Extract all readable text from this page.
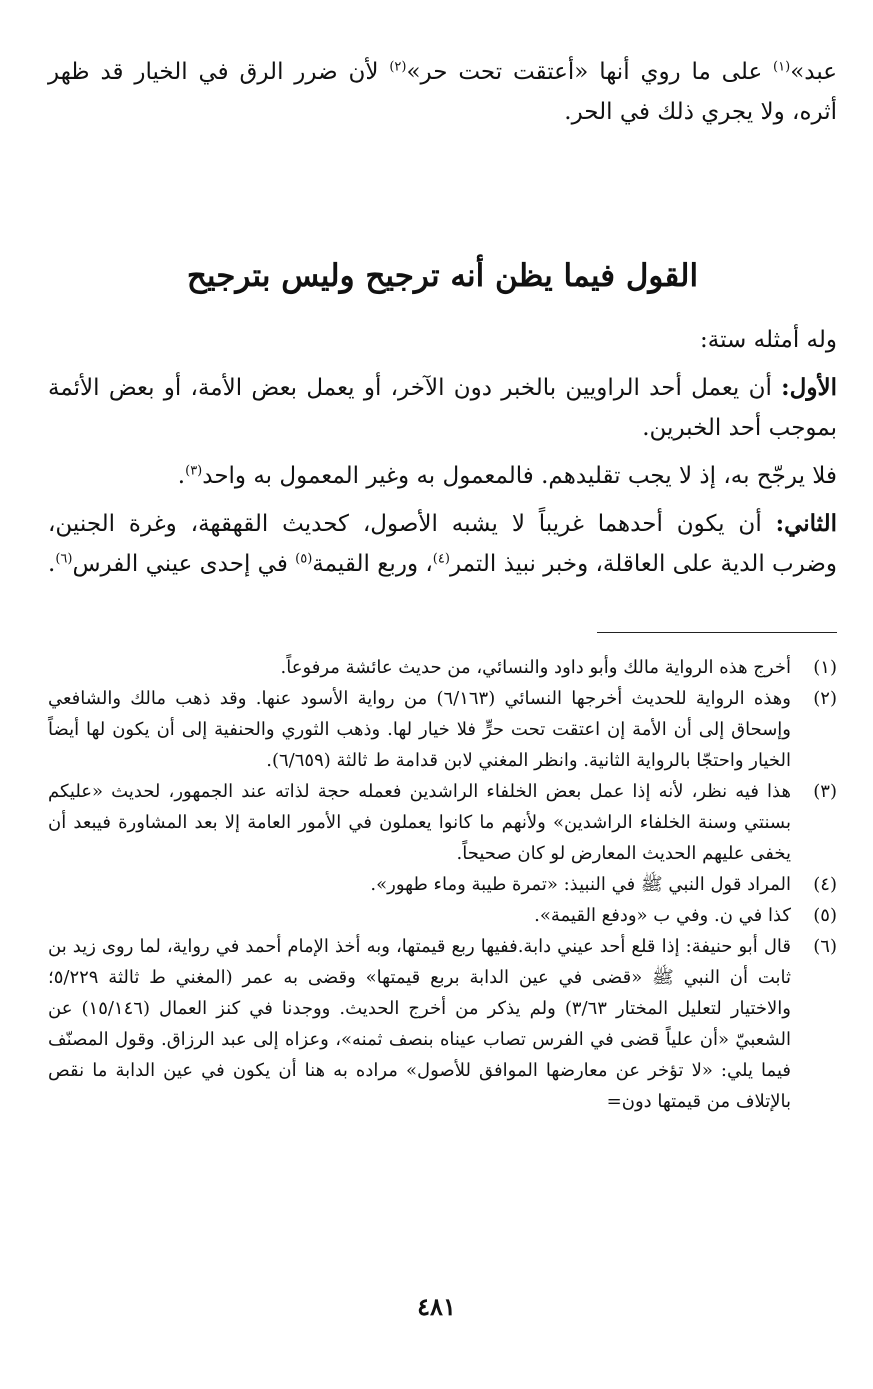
عبد»$^{(١)}$ على ما روي أنها «أعتقت تحت حر»$^{(٢)}$ لأن ضرر الرق في الخيار قد ظهر أثره، ولا يجري ذلك في الحر.

القول فيما يظن أنه ترجيح وليس بترجيح

وله أمثله ستة:

الأول: أن يعمل أحد الراويين بالخبر دون الآخر، أو يعمل بعض الأمة، أو بعض الأئمة بموجب أحد الخبرين.

فلا يرجّح به، إذ لا يجب تقليدهم. فالمعمول به وغير المعمول به واحد$^{(٣)}$.

الثاني: أن يكون أحدهما غريباً لا يشبه الأصول، كحديث القهقهة، وغرة الجنين، وضرب الدية على العاقلة، وخبر نبيذ التمر$^{(٤)}$، وربع القيمة$^{(٥)}$ في إحدى عيني الفرس$^{(٦)}$.

(١)
أخرج هذه الرواية مالك وأبو داود والنسائي، من حديث عائشة مرفوعاً.
(٢)
وهذه الرواية للحديث أخرجها النسائي (٦/١٦٣) من رواية الأسود عنها. وقد ذهب مالك والشافعي وإسحاق إلى أن الأمة إن اعتقت تحت حرٍّ فلا خيار لها. وذهب الثوري والحنفية إلى أن يكون لها أيضاً الخيار واحتجّا بالرواية الثانية. وانظر المغني لابن قدامة ط ثالثة (٦/٦٥٩).
(٣)
هذا فيه نظر، لأنه إذا عمل بعض الخلفاء الراشدين فعمله حجة لذاته عند الجمهور، لحديث «عليكم بسنتي وسنة الخلفاء الراشدين» ولأنهم ما كانوا يعملون في الأمور العامة إلا بعد المشاورة فيبعد أن يخفى عليهم الحديث المعارض لو كان صحيحاً.
(٤)
المراد قول النبي ﷺ في النبيذ: «تمرة طيبة وماء طهور».
(٥)
كذا في ن. وفي ب «ودفع القيمة».
(٦)
قال أبو حنيفة: إذا قلع أحد عيني دابة.ففيها ربع قيمتها، وبه أخذ الإمام أحمد في رواية، لما روى زيد بن ثابت أن النبي ﷺ «قضى في عين الدابة بربع قيمتها» وقضى به عمر (المغني ط ثالثة ٥/٢٢٩؛ والاختيار لتعليل المختار ٣/٦٣) ولم يذكر من أخرج الحديث. ووجدنا في كنز العمال (١٥/١٤٦) عن الشعبيّ «أن علياً قضى في الفرس تصاب عيناه بنصف ثمنه»، وعزاه إلى عبد الرزاق. وقول المصنّف فيما يلي: «لا تؤخر عن معارضها الموافق للأصول» مراده به هنا أن يكون في عين الدابة ما نقص بالإتلاف من قيمتها دون=
٤٨١
